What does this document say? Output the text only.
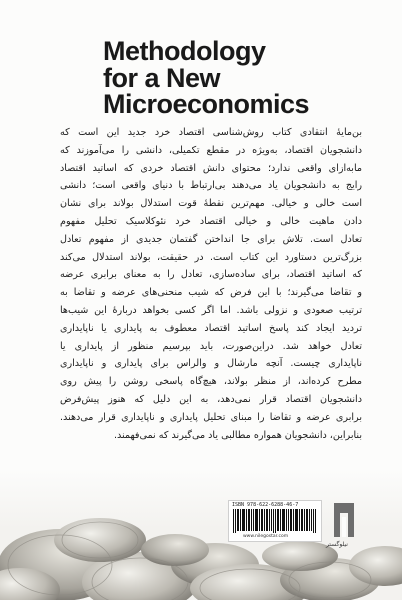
Methodology
for a New
Microeconomics
بن‌مایهٔ انتقادی کتاب روش‌شناسی اقتصاد خرد جدید این است که
دانشجویان اقتصاد، به‌ویژه در مقطع تکمیلی، دانشی را می‌آموزند که
مابه‌ازای واقعی ندارد؛ محتوای دانش اقتصاد خردی که اساتید اقتصاد
رایج به دانشجویان یاد می‌دهند بی‌ارتباط با دنیای واقعی است؛ دانشی
است خالی و خیالی. مهم‌ترین نقطهٔ قوت استدلال بولاند برای نشان
دادن ماهیت خالی و خیالی اقتصاد خرد نئوکلاسیک تحلیل مفهوم
تعادل است. تلاش برای جا انداختن گفتمان جدیدی از مفهوم تعادل
بزرگ‌ترین دستاورد این کتاب است. در حقیقت، بولاند استدلال می‌کند
که اساتید اقتصاد، برای ساده‌سازی، تعادل را به معنای برابری عرضه
و تقاضا می‌گیرند؛ با این فرض که شیب منحنی‌های عرضه و تقاضا به
ترتیب صعودی و نزولی باشد. اما اگر کسی بخواهد دربارهٔ این شیب‌ها
تردید ایجاد کند پاسخ اساتید اقتصاد معطوف به پایداری یا ناپایداری
تعادل خواهد شد. دراین‌صورت، باید بپرسیم منظور از پایداری یا
ناپایداری چیست. آنچه مارشال و والراس برای پایداری و ناپایداری
مطرح کرده‌اند، از منظر بولاند، هیچ‌گاه پاسخی روشن را پیش روی
دانشجویان اقتصاد قرار نمی‌دهد، به این دلیل که هنوز پیش‌فرض
برابری عرضه و تقاضا را مبنای تحلیل پایداری و ناپایداری قرار می‌دهند.
بنابراین، دانشجویان همواره مطالبی یاد می‌گیرند که نمی‌فهمند.
ISBN 978-622-6288-46-7
www.nilegostar.com
نیلوگستر
